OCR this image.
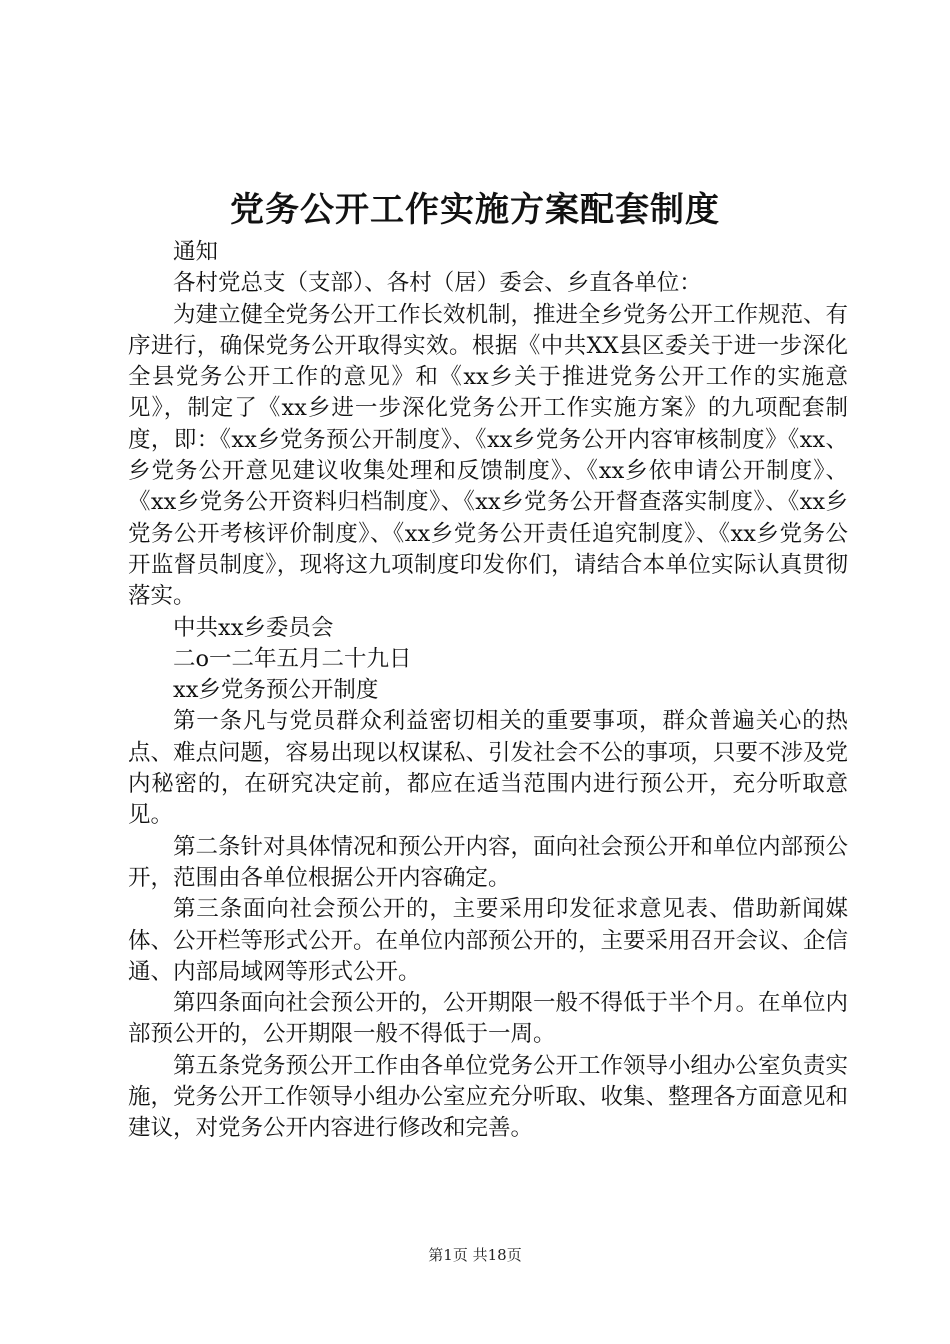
党务公开工作实施方案配套制度

通知

各村党总支（支部）、各村（居）委会、乡直各单位：

为建立健全党务公开工作长效机制，推进全乡党务公开工作规范、有序进行，确保党务公开取得实效。根据《中共XX县区委关于进一步深化全县党务公开工作的意见》和《xx乡关于推进党务公开工作的实施意见》，制定了《xx乡进一步深化党务公开工作实施方案》的九项配套制度，即：《xx乡党务预公开制度》、《xx乡党务公开内容审核制度》《xx、乡党务公开意见建议收集处理和反馈制度》、《xx乡依申请公开制度》、《xx乡党务公开资料归档制度》、《xx乡党务公开督查落实制度》、《xx乡党务公开考核评价制度》、《xx乡党务公开责任追究制度》、《xx乡党务公开监督员制度》，现将这九项制度印发你们，请结合本单位实际认真贯彻落实。

中共xx乡委员会

二o一二年五月二十九日

xx乡党务预公开制度

第一条凡与党员群众利益密切相关的重要事项，群众普遍关心的热点、难点问题，容易出现以权谋私、引发社会不公的事项，只要不涉及党内秘密的，在研究决定前，都应在适当范围内进行预公开，充分听取意见。

第二条针对具体情况和预公开内容，面向社会预公开和单位内部预公开，范围由各单位根据公开内容确定。

第三条面向社会预公开的，主要采用印发征求意见表、借助新闻媒体、公开栏等形式公开。在单位内部预公开的，主要采用召开会议、企信通、内部局域网等形式公开。

第四条面向社会预公开的，公开期限一般不得低于半个月。在单位内部预公开的，公开期限一般不得低于一周。

第五条党务预公开工作由各单位党务公开工作领导小组办公室负责实施，党务公开工作领导小组办公室应充分听取、收集、整理各方面意见和建议，对党务公开内容进行修改和完善。

第1页 共18页
